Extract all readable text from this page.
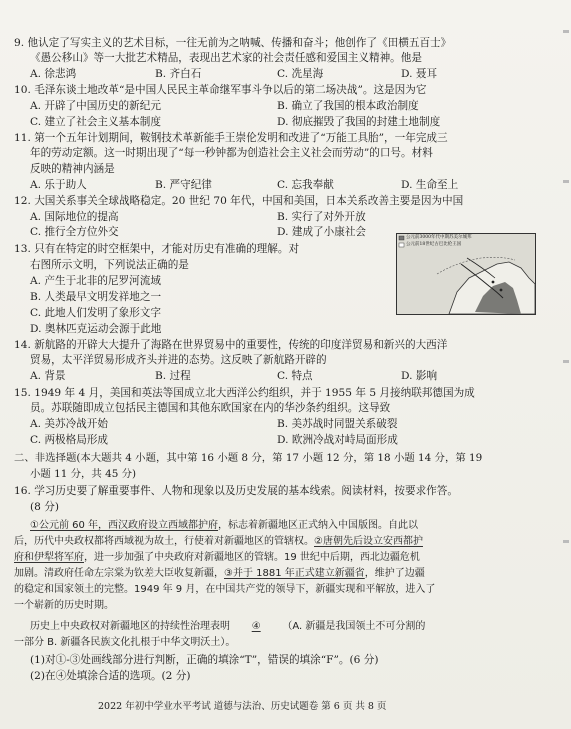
9. 他认定了写实主义的艺术目标，一往无前为之呐喊、传播和奋斗；他创作了《田横五百士》
《愚公移山》等一大批艺术精品，表现出艺术家的社会责任感和爱国主义精神。他是
A. 徐悲鸿	B. 齐白石	C. 冼星海	D. 聂耳
10. 毛泽东谈土地改革“是中国人民民主革命继军事斗争以后的第二场决战”。这是因为它
A. 开辟了中国历史的新纪元	B. 确立了我国的根本政治制度
C. 建立了社会主义基本制度	D. 彻底摧毁了我国的封建土地制度
11. 第一个五年计划期间，鞍钢技术革新能手王崇伦发明和改进了“万能工具胎”，一年完成三
年的劳动定额。这一时期出现了“每一秒钟都为创造社会主义社会而劳动”的口号。材料
反映的精神内涵是
A. 乐于助人	B. 严守纪律	C. 忘我奉献	D. 生命至上
12. 大国关系事关全球战略稳定。20 世纪 70 年代，中国和美国，日本关系改善主要是因为中国
A. 国际地位的提高	B. 实行了对外开放
C. 推行全方位外交	D. 建成了小康社会
13. 只有在特定的时空框架中，才能对历史有准确的理解。对
右图所示文明，下列说法正确的是
A. 产生于北非的尼罗河流域
B. 人类最早文明发祥地之一
C. 此地人们发明了象形文字
D. 奥林匹克运动会源于此地
公元前3000年代中期苏美尔城邦
公元前18世纪古巴比伦王国
14. 新航路的开辟大大提升了海路在世界贸易中的重要性，传统的印度洋贸易和新兴的大西洋
贸易，太平洋贸易形成齐头并进的态势。这反映了新航路开辟的
A. 背景	B. 过程	C. 特点	D. 影响
15. 1949 年 4 月，美国和英法等国成立北大西洋公约组织，并于 1955 年 5 月接纳联邦德国为成
员。苏联随即成立包括民主德国和其他东欧国家在内的华沙条约组织。这导致
A. 美苏冷战开始	B. 美苏战时同盟关系破裂
C. 两极格局形成	D. 欧洲冷战对峙局面形成
二、非选择题(本大题共 4 小题，其中第 16 小题 8 分，第 17 小题 12 分，第 18 小题 14 分，第 19
小题 11 分，共 45 分)
16. 学习历史要了解重要事件、人物和现象以及历史发展的基本线索。阅读材料，按要求作答。
(8 分)
①公元前 60 年，西汉政府设立西域都护府，标志着新疆地区正式纳入中国版图。自此以
后，历代中央政权都将西域视为故土，行使着对新疆地区的管辖权。②唐朝先后设立安西都护
府和伊犁将军府，进一步加强了中央政府对新疆地区的管辖。19 世纪中后期，西北边疆危机
加剧。清政府任命左宗棠为钦差大臣收复新疆，③并于 1881 年正式建立新疆省，维护了边疆
的稳定和国家领土的完整。1949 年 9 月，在中国共产党的领导下，新疆实现和平解放，进入了
一个崭新的历史时期。
历史上中央政权对新疆地区的持续性治理表明 ④ （A. 新疆是我国领土不可分割的
一部分 B. 新疆各民族文化扎根于中华文明沃土）。
(1)对①-③处画线部分进行判断，正确的填涂“T”，错误的填涂“F”。(6 分)
(2)在④处填涂合适的选项。(2 分)
2022 年初中学业水平考试 道德与法治、历史试题卷 第 6 页 共 8 页
